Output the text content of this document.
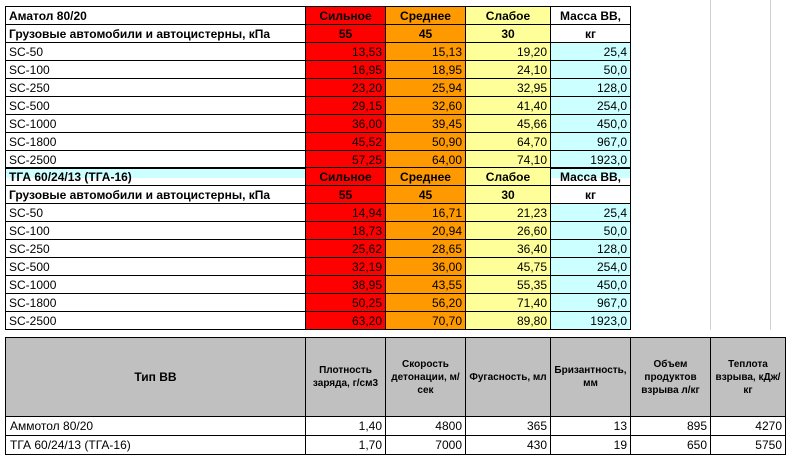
Аматол 80/20	Сильное	Среднее	Слабое	Масса ВВ,
Грузовые автомобили и автоцистерны, кПа	55	45	30	кг
SC-50	13,53	15,13	19,20	25,4
SC-100	16,95	18,95	24,10	50,0
SC-250	23,20	25,94	32,95	128,0
SC-500	29,15	32,60	41,40	254,0
SC-1000	36,00	39,45	45,66	450,0
SC-1800	45,52	50,90	64,70	967,0
SC-2500	57,25	64,00	74,10	1923,0

ТГА 60/24/13 (ТГА-16)	Сильное	Среднее	Слабое	Масса ВВ,
Грузовые автомобили и автоцистерны, кПа	55	45	30	кг
SC-50	14,94	16,71	21,23	25,4
SC-100	18,73	20,94	26,60	50,0
SC-250	25,62	28,65	36,40	128,0
SC-500	32,19	36,00	45,75	254,0
SC-1000	38,95	43,55	55,35	450,0
SC-1800	50,25	56,20	71,40	967,0
SC-2500	63,20	70,70	89,80	1923,0
Тип ВВ	Плотность заряда, г/см3	Скорость детонации, м/сек	Фугасность, мл	Бризантность, мм	Объем продуктов взрыва л/кг	Теплота взрыва, кДж/кг
Аммотол 80/20	1,40	4800	365	13	895	4270
ТГА 60/24/13 (ТГА-16)	1,70	7000	430	19	650	5750
